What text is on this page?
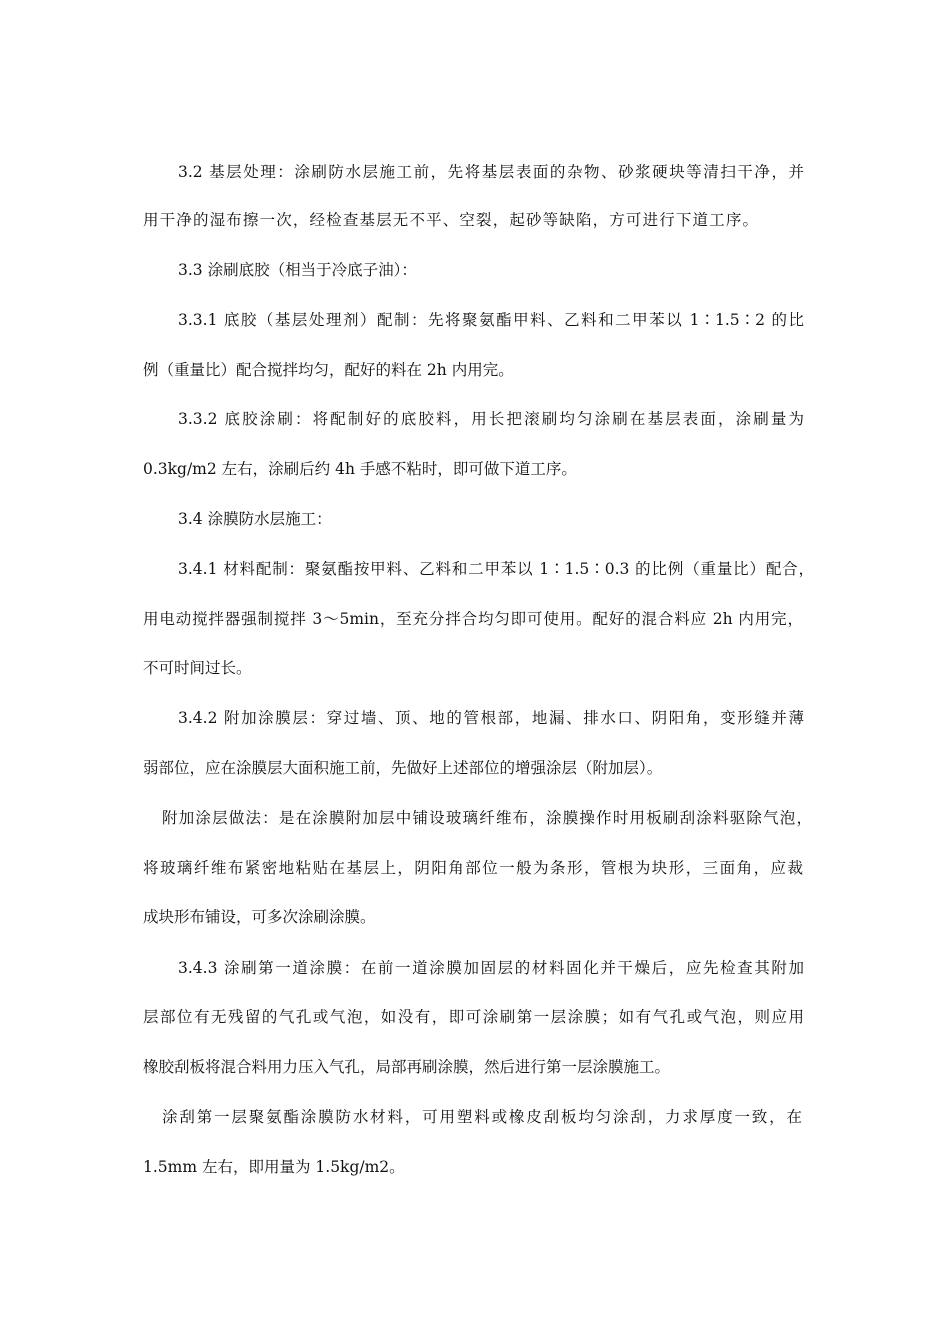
3.2 基层处理：涂刷防水层施工前，先将基层表面的杂物、砂浆硬块等清扫干净，并
用干净的湿布擦一次，经检查基层无不平、空裂，起砂等缺陷，方可进行下道工序。
3.3 涂刷底胶（相当于冷底子油）：
3.3.1 底胶（基层处理剂）配制：先将聚氨酯甲料、乙料和二甲苯以 1∶1.5∶2 的比
例（重量比）配合搅拌均匀，配好的料在 2h 内用完。
3.3.2 底胶涂刷：将配制好的底胶料，用长把滚刷均匀涂刷在基层表面，涂刷量为
0.3kg/m2 左右，涂刷后约 4h 手感不粘时，即可做下道工序。
3.4 涂膜防水层施工：
3.4.1 材料配制：聚氨酯按甲料、乙料和二甲苯以 1∶1.5∶0.3 的比例（重量比）配合，
用电动搅拌器强制搅拌 3～5min，至充分拌合均匀即可使用。配好的混合料应 2h 内用完，
不可时间过长。
3.4.2 附加涂膜层：穿过墙、顶、地的管根部，地漏、排水口、阴阳角，变形缝并薄
弱部位，应在涂膜层大面积施工前，先做好上述部位的增强涂层（附加层）。
附加涂层做法：是在涂膜附加层中铺设玻璃纤维布，涂膜操作时用板刷刮涂料驱除气泡，
将玻璃纤维布紧密地粘贴在基层上，阴阳角部位一般为条形，管根为块形，三面角，应裁
成块形布铺设，可多次涂刷涂膜。
3.4.3 涂刷第一道涂膜：在前一道涂膜加固层的材料固化并干燥后，应先检查其附加
层部位有无残留的气孔或气泡，如没有，即可涂刷第一层涂膜；如有气孔或气泡，则应用
橡胶刮板将混合料用力压入气孔，局部再刷涂膜，然后进行第一层涂膜施工。
涂刮第一层聚氨酯涂膜防水材料，可用塑料或橡皮刮板均匀涂刮，力求厚度一致，在
1.5mm 左右，即用量为 1.5kg/m2。
